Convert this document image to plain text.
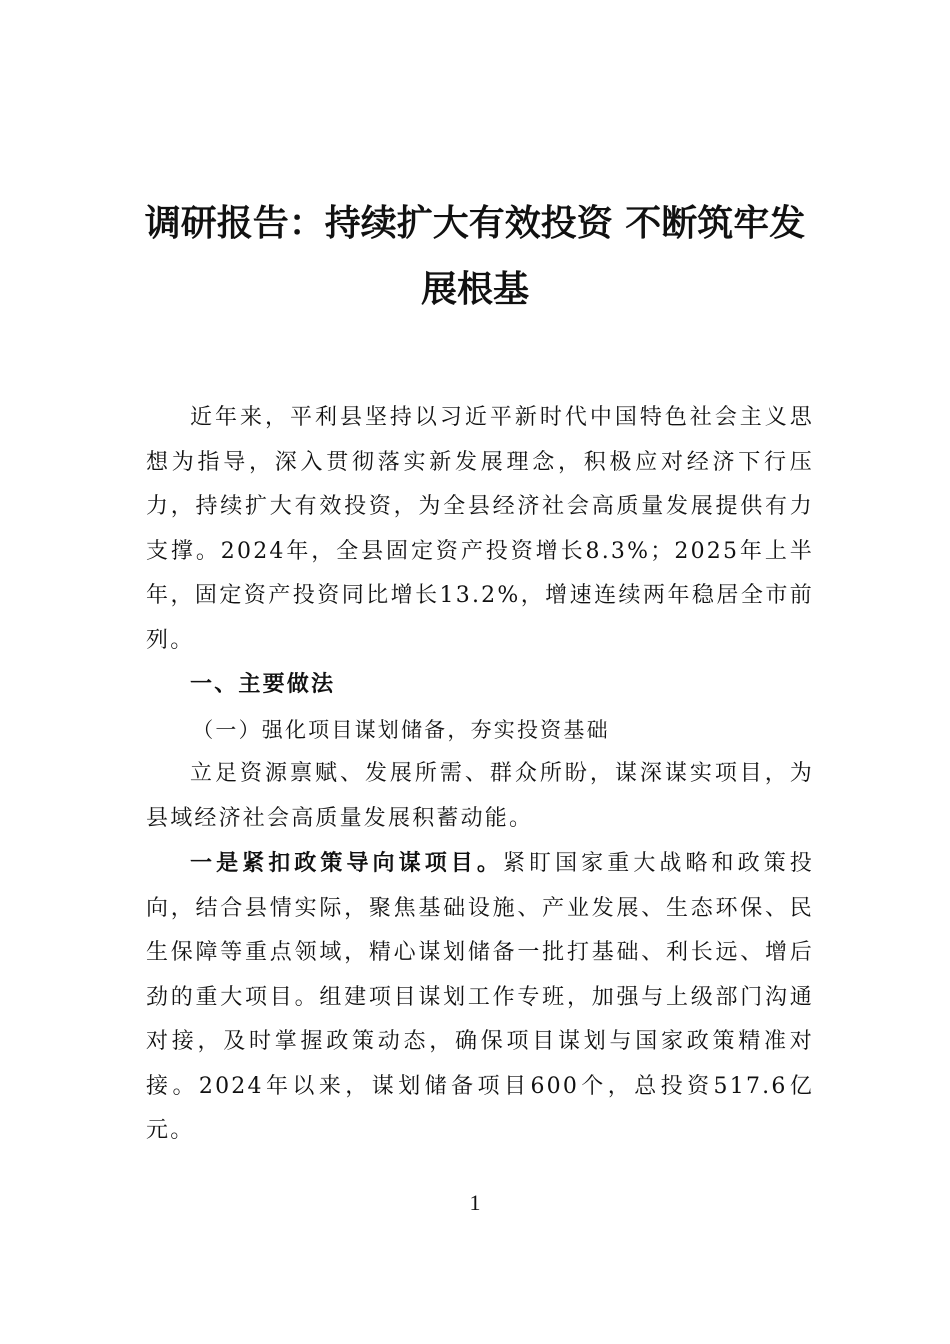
调研报告：持续扩大有效投资 不断筑牢发
展根基

近年来，平利县坚持以习近平新时代中国特色社会主义思想为指导，深入贯彻落实新发展理念，积极应对经济下行压力，持续扩大有效投资，为全县经济社会高质量发展提供有力支撑。2024年，全县固定资产投资增长8.3%；2025年上半年，固定资产投资同比增长13.2%，增速连续两年稳居全市前列。

一、主要做法

（一）强化项目谋划储备，夯实投资基础

立足资源禀赋、发展所需、群众所盼，谋深谋实项目，为县域经济社会高质量发展积蓄动能。

一是紧扣政策导向谋项目。紧盯国家重大战略和政策投向，结合县情实际，聚焦基础设施、产业发展、生态环保、民生保障等重点领域，精心谋划储备一批打基础、利长远、增后劲的重大项目。组建项目谋划工作专班，加强与上级部门沟通对接，及时掌握政策动态，确保项目谋划与国家政策精准对接。2024年以来，谋划储备项目600个，总投资517.6亿元。

1
